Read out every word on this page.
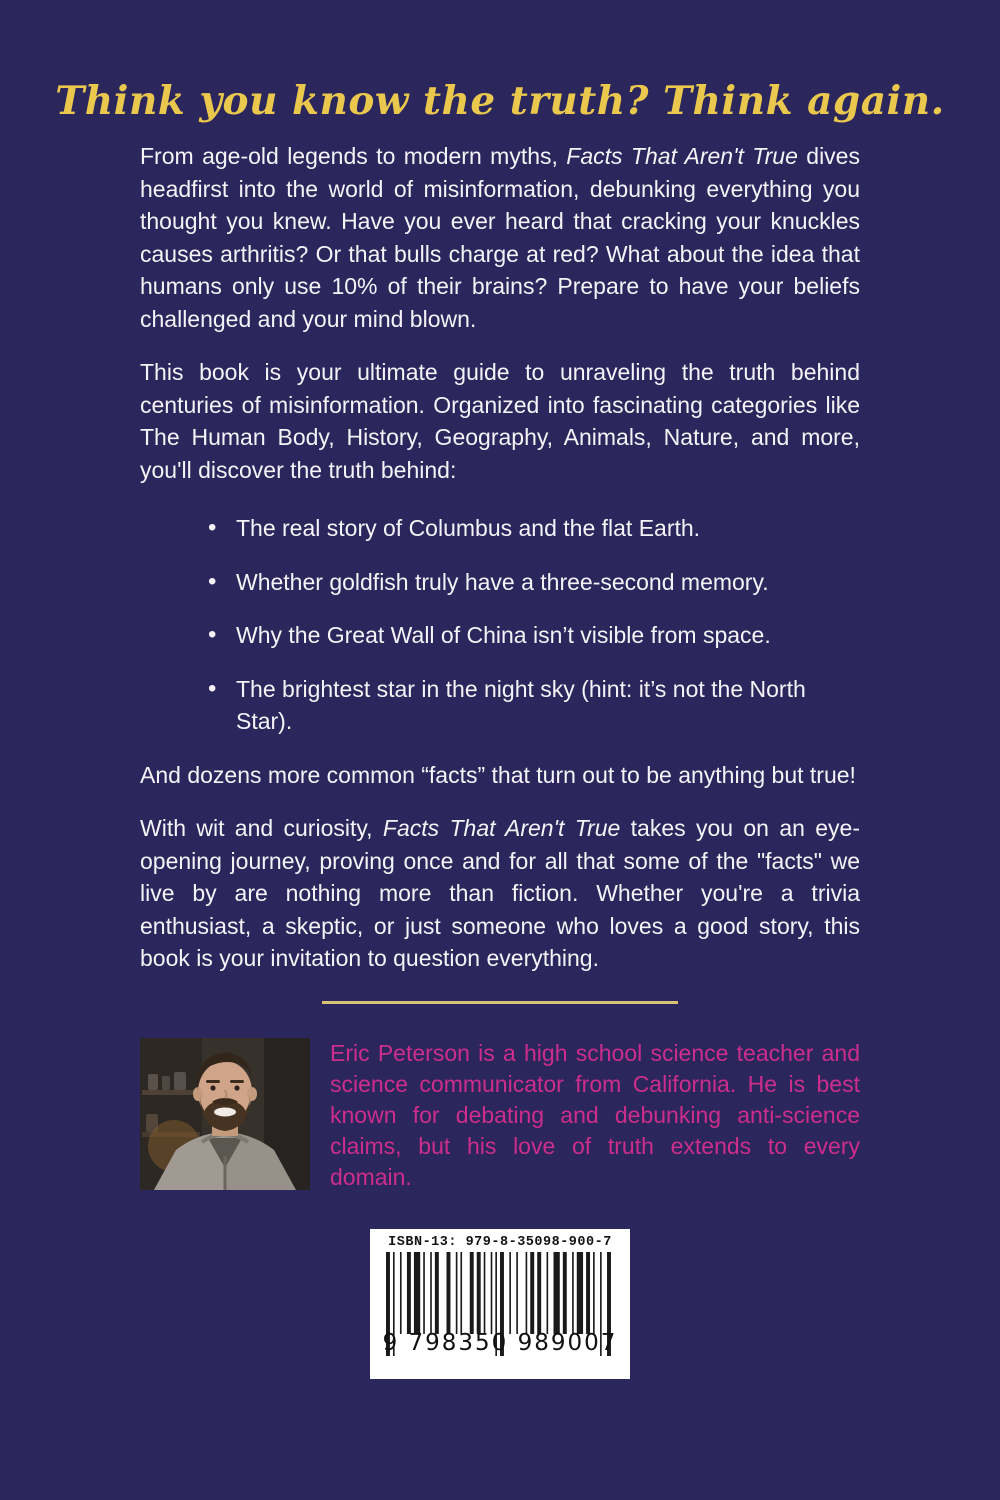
Think you know the truth? Think again.

From age-old legends to modern myths, Facts That Aren't True dives headfirst into the world of misinformation, debunking everything you thought you knew. Have you ever heard that cracking your knuckles causes arthritis? Or that bulls charge at red? What about the idea that humans only use 10% of their brains? Prepare to have your beliefs challenged and your mind blown.

This book is your ultimate guide to unraveling the truth behind centuries of misinformation. Organized into fascinating categories like The Human Body, History, Geography, Animals, Nature, and more, you'll discover the truth behind:

• The real story of Columbus and the flat Earth.
• Whether goldfish truly have a three-second memory.
• Why the Great Wall of China isn’t visible from space.
• The brightest star in the night sky (hint: it’s not the North Star).

And dozens more common “facts” that turn out to be anything but true!

With wit and curiosity, Facts That Aren't True takes you on an eye-opening journey, proving once and for all that some of the "facts" we live by are nothing more than fiction. Whether you're a trivia enthusiast, a skeptic, or just someone who loves a good story, this book is your invitation to question everything.

Eric Peterson is a high school science teacher and science communicator from California. He is best known for debating and debunking anti-science claims, but his love of truth extends to every domain.

ISBN-13: 979-8-35098-900-7
9 798350 989007
